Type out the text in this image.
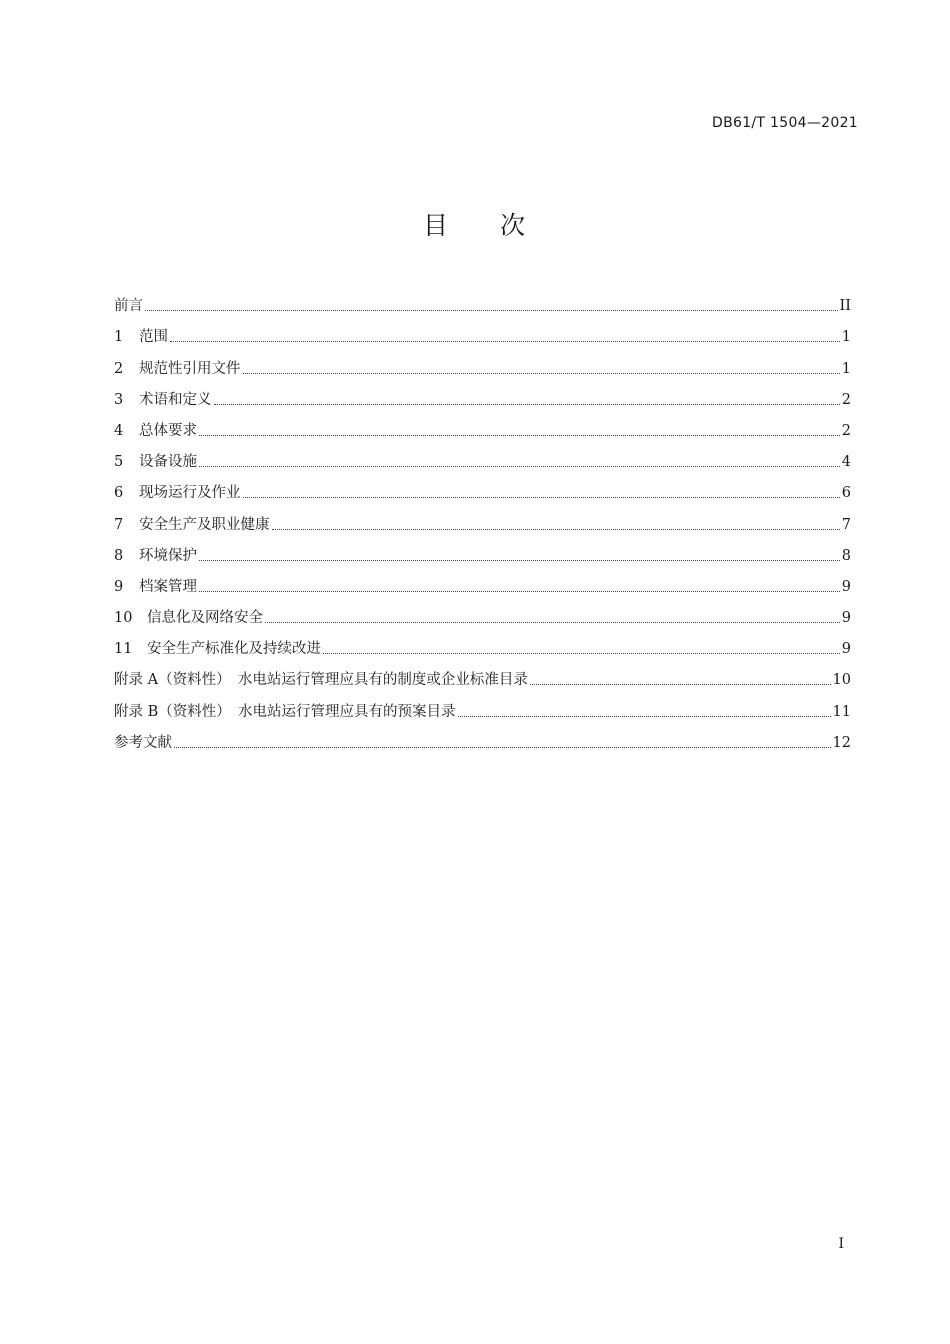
DB61/T 1504—2021
目 次
前言	II
1	范围	1
2	规范性引用文件	1
3	术语和定义	2
4	总体要求	2
5	设备设施	4
6	现场运行及作业	6
7	安全生产及职业健康	7
8	环境保护	8
9	档案管理	9
10	信息化及网络安全	9
11	安全生产标准化及持续改进	9
附录 A（资料性）　水电站运行管理应具有的制度或企业标准目录	10
附录 B（资料性）　水电站运行管理应具有的预案目录	11
参考文献	12
I
